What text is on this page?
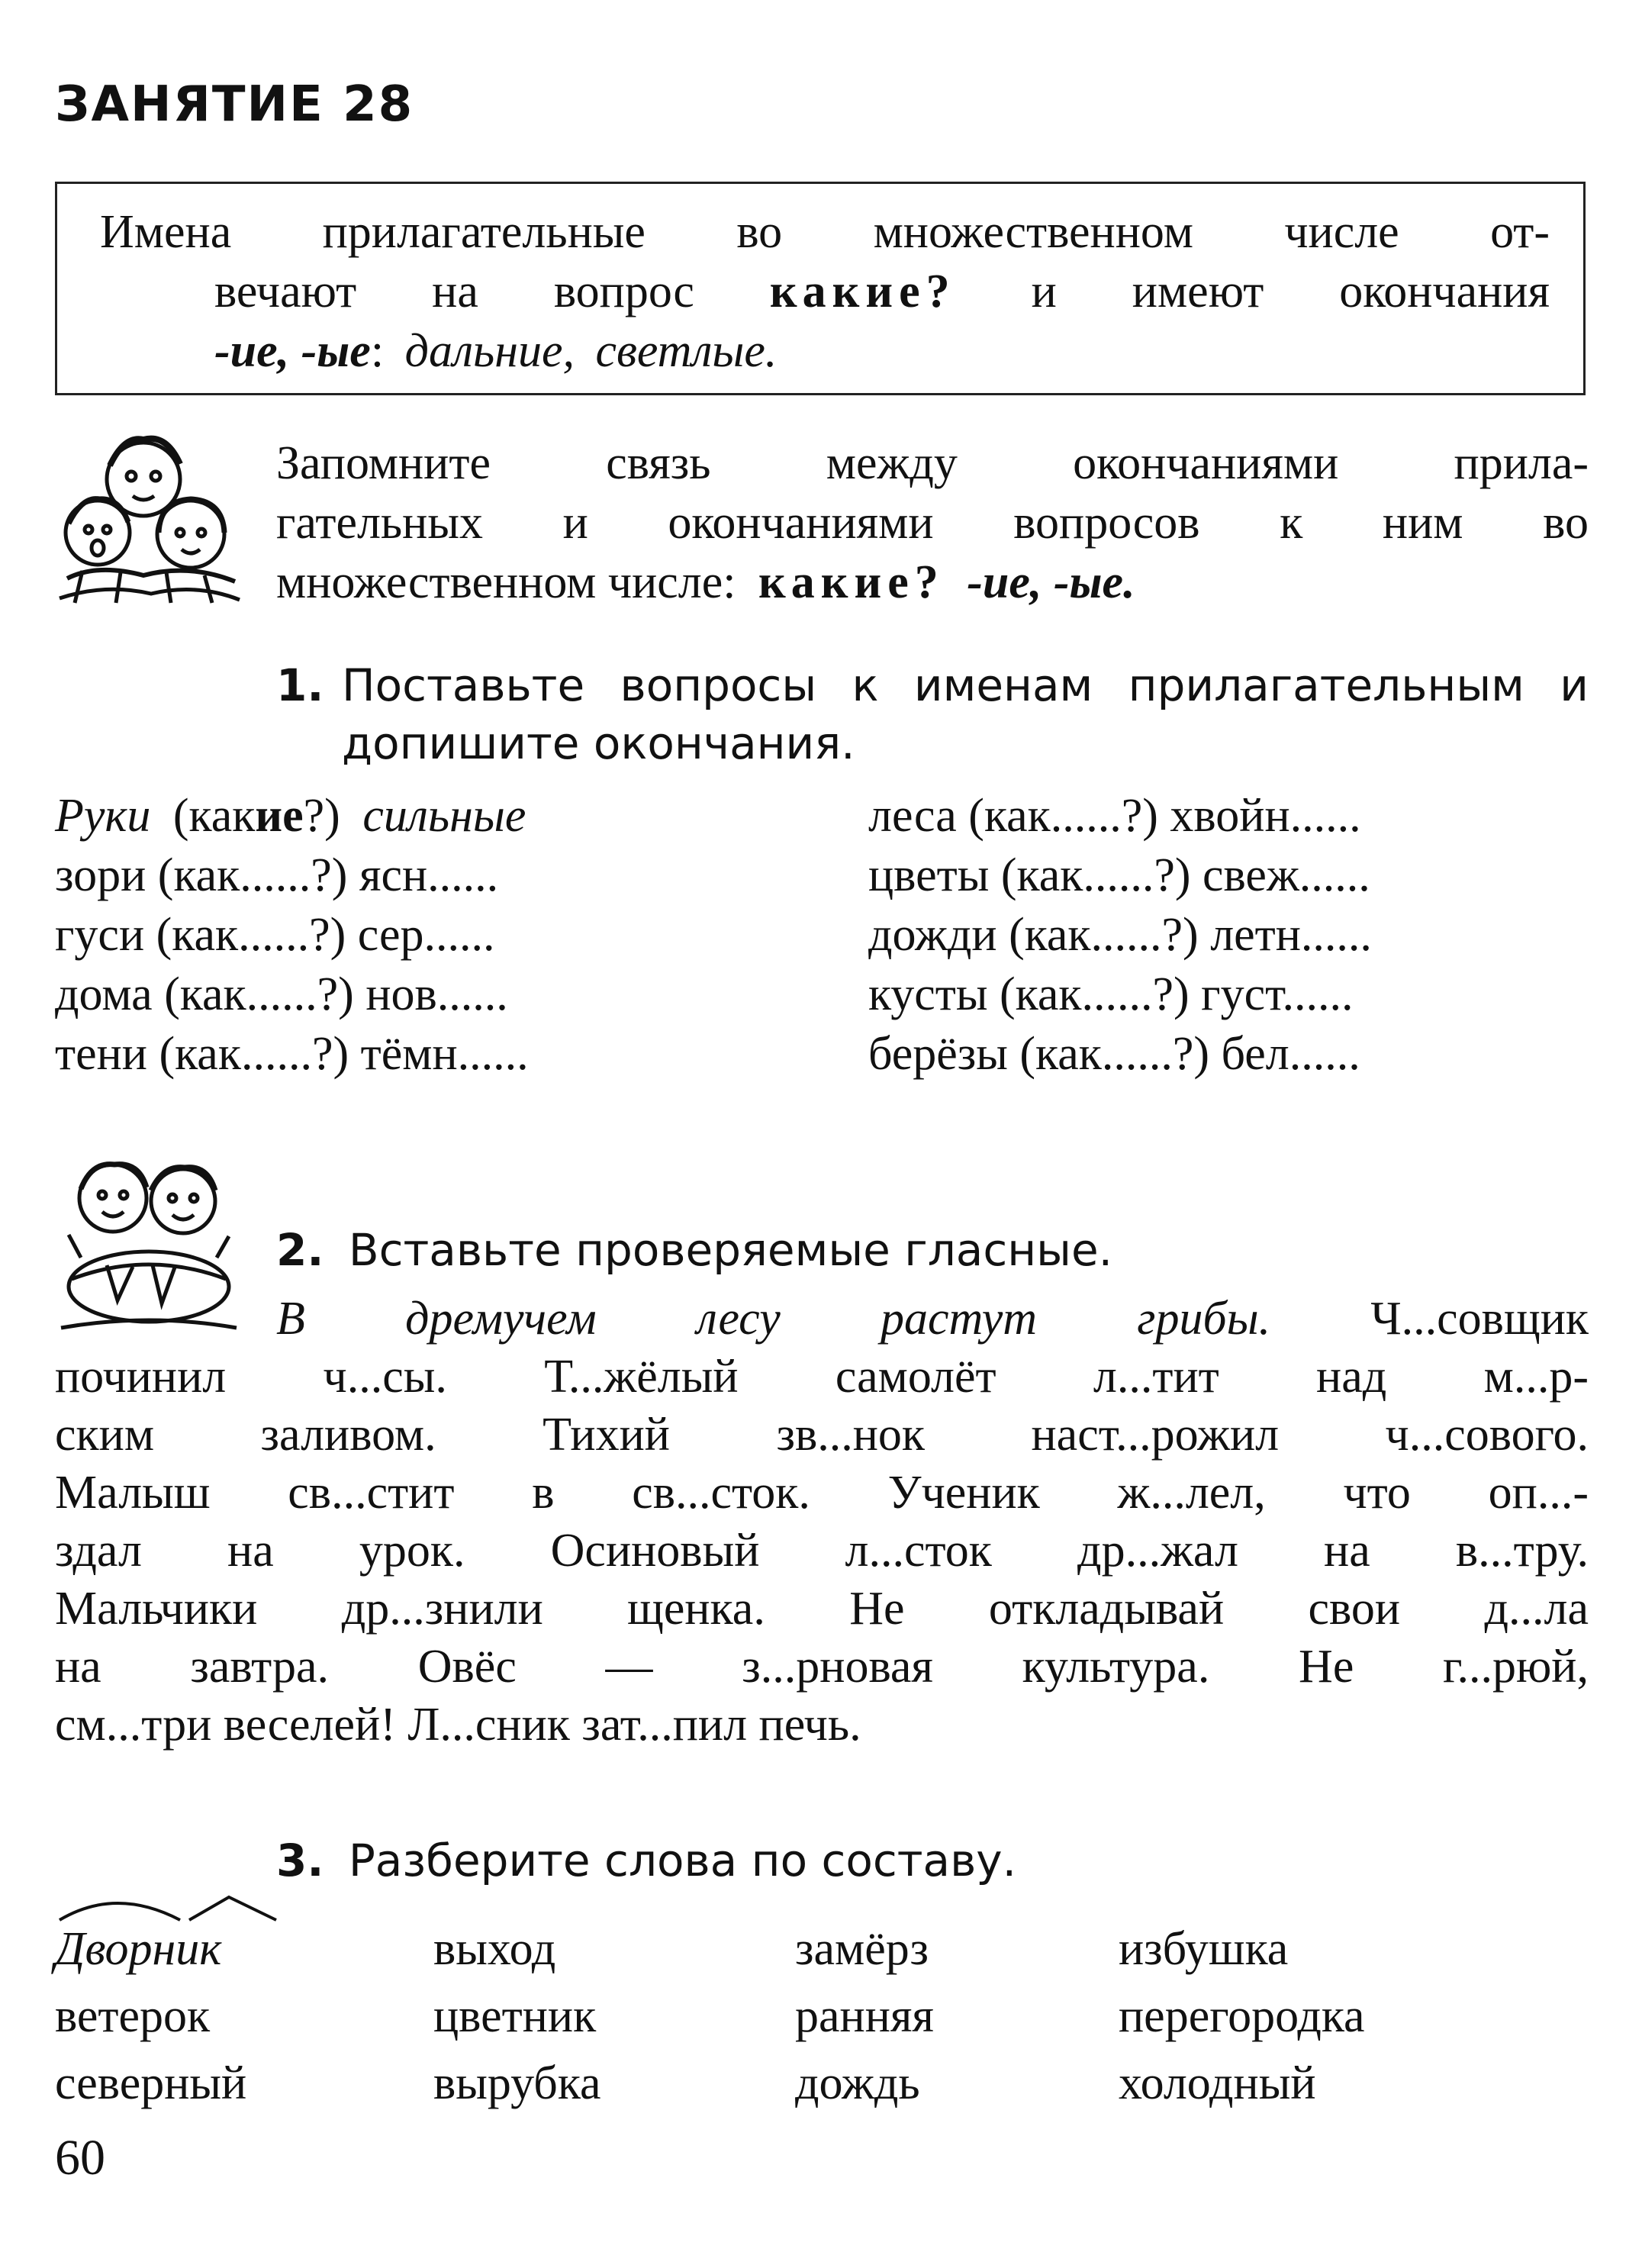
ЗАНЯТИЕ 28
Имена прилагательные во множественном числе от-
вечают на вопрос какие? и имеют окончания
-ие, -ые: дальние, светлые.
Запомните связь между окончаниями прила-
гательных и окончаниями вопросов к ним во
множественном числе: какие? -ие, -ые.
1. Поставьте вопросы к именам прилагательным и
допишите окончания.
Руки (какие?) сильные
зори (как......?) ясн......
гуси (как......?) сер......
дома (как......?) нов......
тени (как......?) тёмн......
леса (как......?) хвойн......
цветы (как......?) свеж......
дожди (как......?) летн......
кусты (как......?) густ......
берёзы (как......?) бел......
2. Вставьте проверяемые гласные.
В дремучем лесу растут грибы. Ч...совщик
починил ч...сы. Т...жёлый самолёт л...тит над м...р-
ским заливом. Тихий зв...нок наст...рожил ч...сового.
Малыш св...стит в св...сток. Ученик ж...лел, что оп...-
здал на урок. Осиновый л...сток др...жал на в...тру.
Мальчики др...знили щенка. Не откладывай свои д...ла
на завтра. Овёс — з...рновая культура. Не г...рюй,
см...три веселей! Л...сник зат...пил печь.
3. Разберите слова по составу.
Дворник	выход	замёрз	избушка
ветерок	цветник	ранняя	перегородка
северный	вырубка	дождь	холодный
60
